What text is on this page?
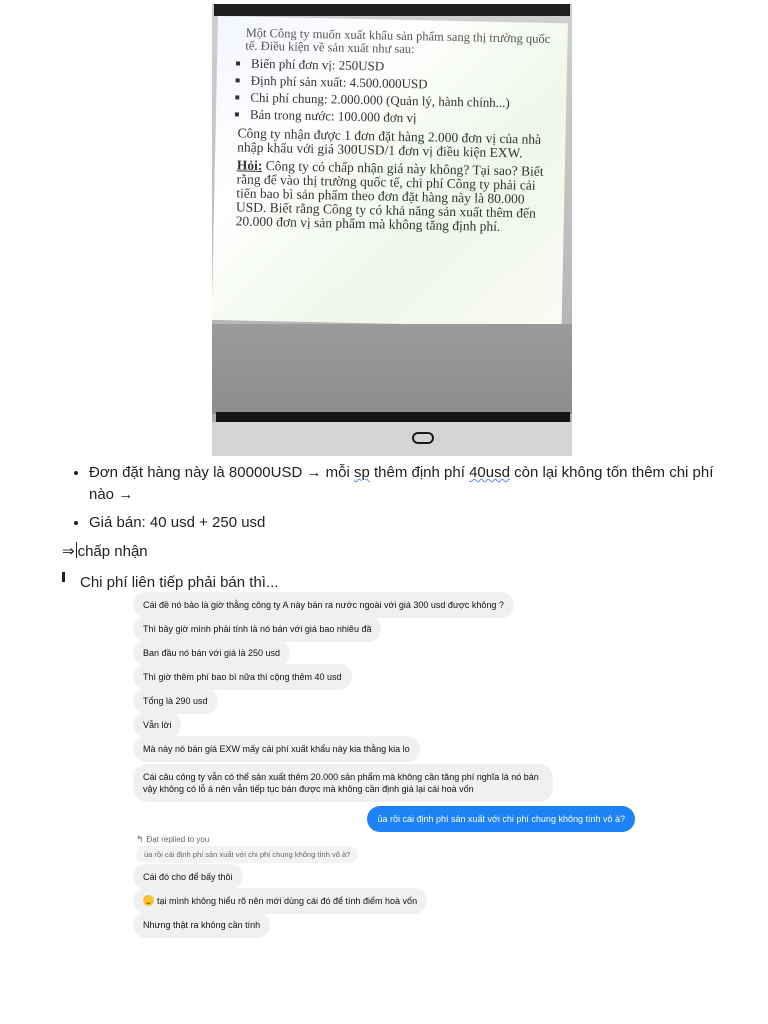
Một Công ty muốn xuất khẩu sản phẩm sang thị trường quốc tế. Điều kiện về sản xuất như sau:

▪ Biến phí đơn vị: 250USD
▪ Định phí sản xuất: 4.500.000USD
▪ Chi phí chung: 2.000.000 (Quản lý, hành chính...)
▪ Bán trong nước: 100.000 đơn vị

Công ty nhận được 1 đơn đặt hàng 2.000 đơn vị của nhà nhập khẩu với giá 300USD/1 đơn vị điều kiện EXW.

Hỏi: Công ty có chấp nhận giá này không? Tại sao? Biết rằng để vào thị trường quốc tế, chi phí Công ty phải cải tiến bao bì sản phẩm theo đơn đặt hàng này là 80.000 USD. Biết rằng Công ty có khả năng sản xuất thêm đến 20.000 đơn vị sản phẩm mà không tăng định phí.

• Đơn đặt hàng này là 80000USD → mỗi sp thêm định phí 40usd còn lại không tốn thêm chi phí nào →
• Giá bán: 40 usd + 250 usd
⇒ chấp nhận
Chi phí liên tiếp phải bán thì...
Cái đề nó bảo là giờ thằng công ty A này bán ra nước ngoài với giá 300 usd được không ?
Thì bây giờ mình phải tính là nó bán với giá bao nhiêu đã
Ban đầu nó bán với giá là 250 usd
Thì giờ thêm phí bao bì nữa thì cộng thêm 40 usd
Tổng là 290 usd
Vẫn lời
Mà này nó bán giá EXW mấy cái phí xuất khẩu này kia thằng kia lo
Cái câu công ty vẫn có thể sản xuất thêm 20.000 sản phẩm mà không cần tăng phí nghĩa là nó bán vậy không có lỗ á nên vẫn tiếp tục bán được mà không cần định giá lại cái hoà vốn
ủa rồi cái định phí sản xuất với chi phí chung không tính vô à?
↰ Đạt replied to you
ủa rồi cái định phí sản xuất với chi phí chung không tính vô à?
Cái đó cho để bấy thôi
tại mình không hiểu rõ nên mới dùng cái đó để tính điểm hoà vốn
Nhưng thật ra không cần tính
